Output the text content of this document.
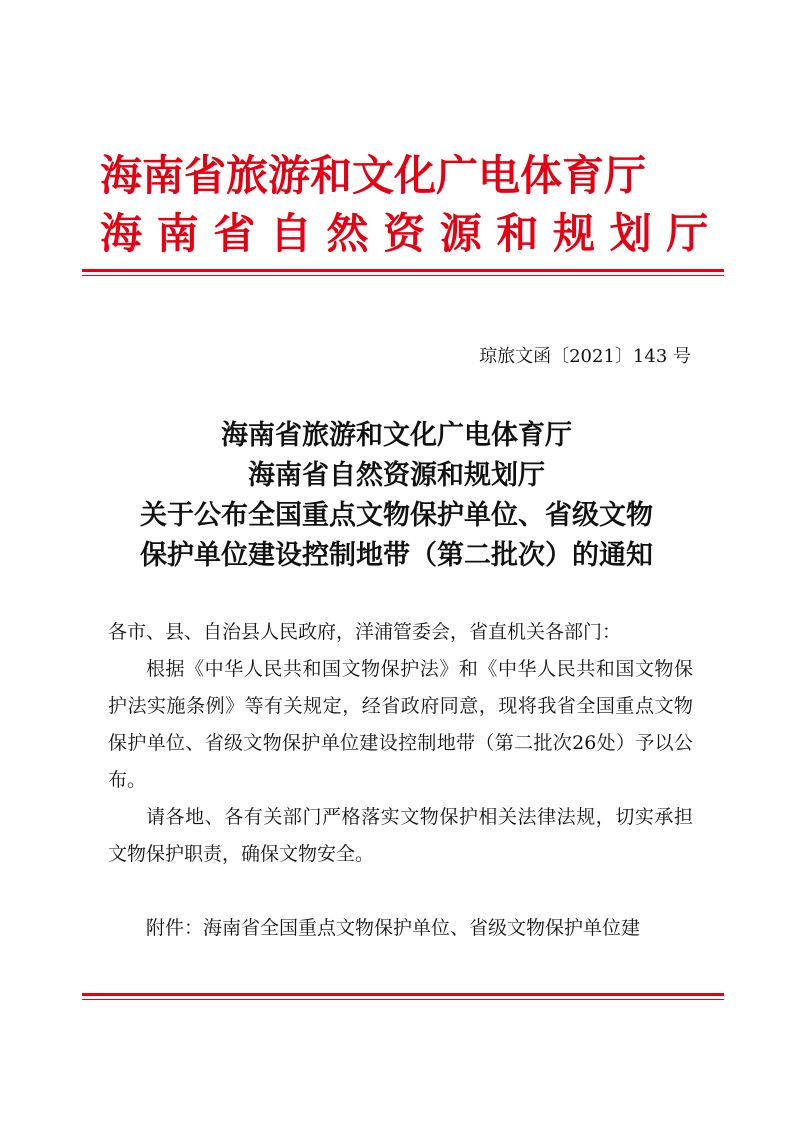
海南省旅游和文化广电体育厅
海 南 省 自 然 资 源 和 规 划 厅
琼旅文函〔2021〕143 号
海南省旅游和文化广电体育厅
海南省自然资源和规划厅
关于公布全国重点文物保护单位、省级文物
保护单位建设控制地带（第二批次）的通知

各市、县、自治县人民政府，洋浦管委会，省直机关各部门：

根据《中华人民共和国文物保护法》和《中华人民共和国文物保护法实施条例》等有关规定，经省政府同意，现将我省全国重点文物保护单位、省级文物保护单位建设控制地带（第二批次26处）予以公布。

请各地、各有关部门严格落实文物保护相关法律法规，切实承担文物保护职责，确保文物安全。

附件：海南省全国重点文物保护单位、省级文物保护单位建
